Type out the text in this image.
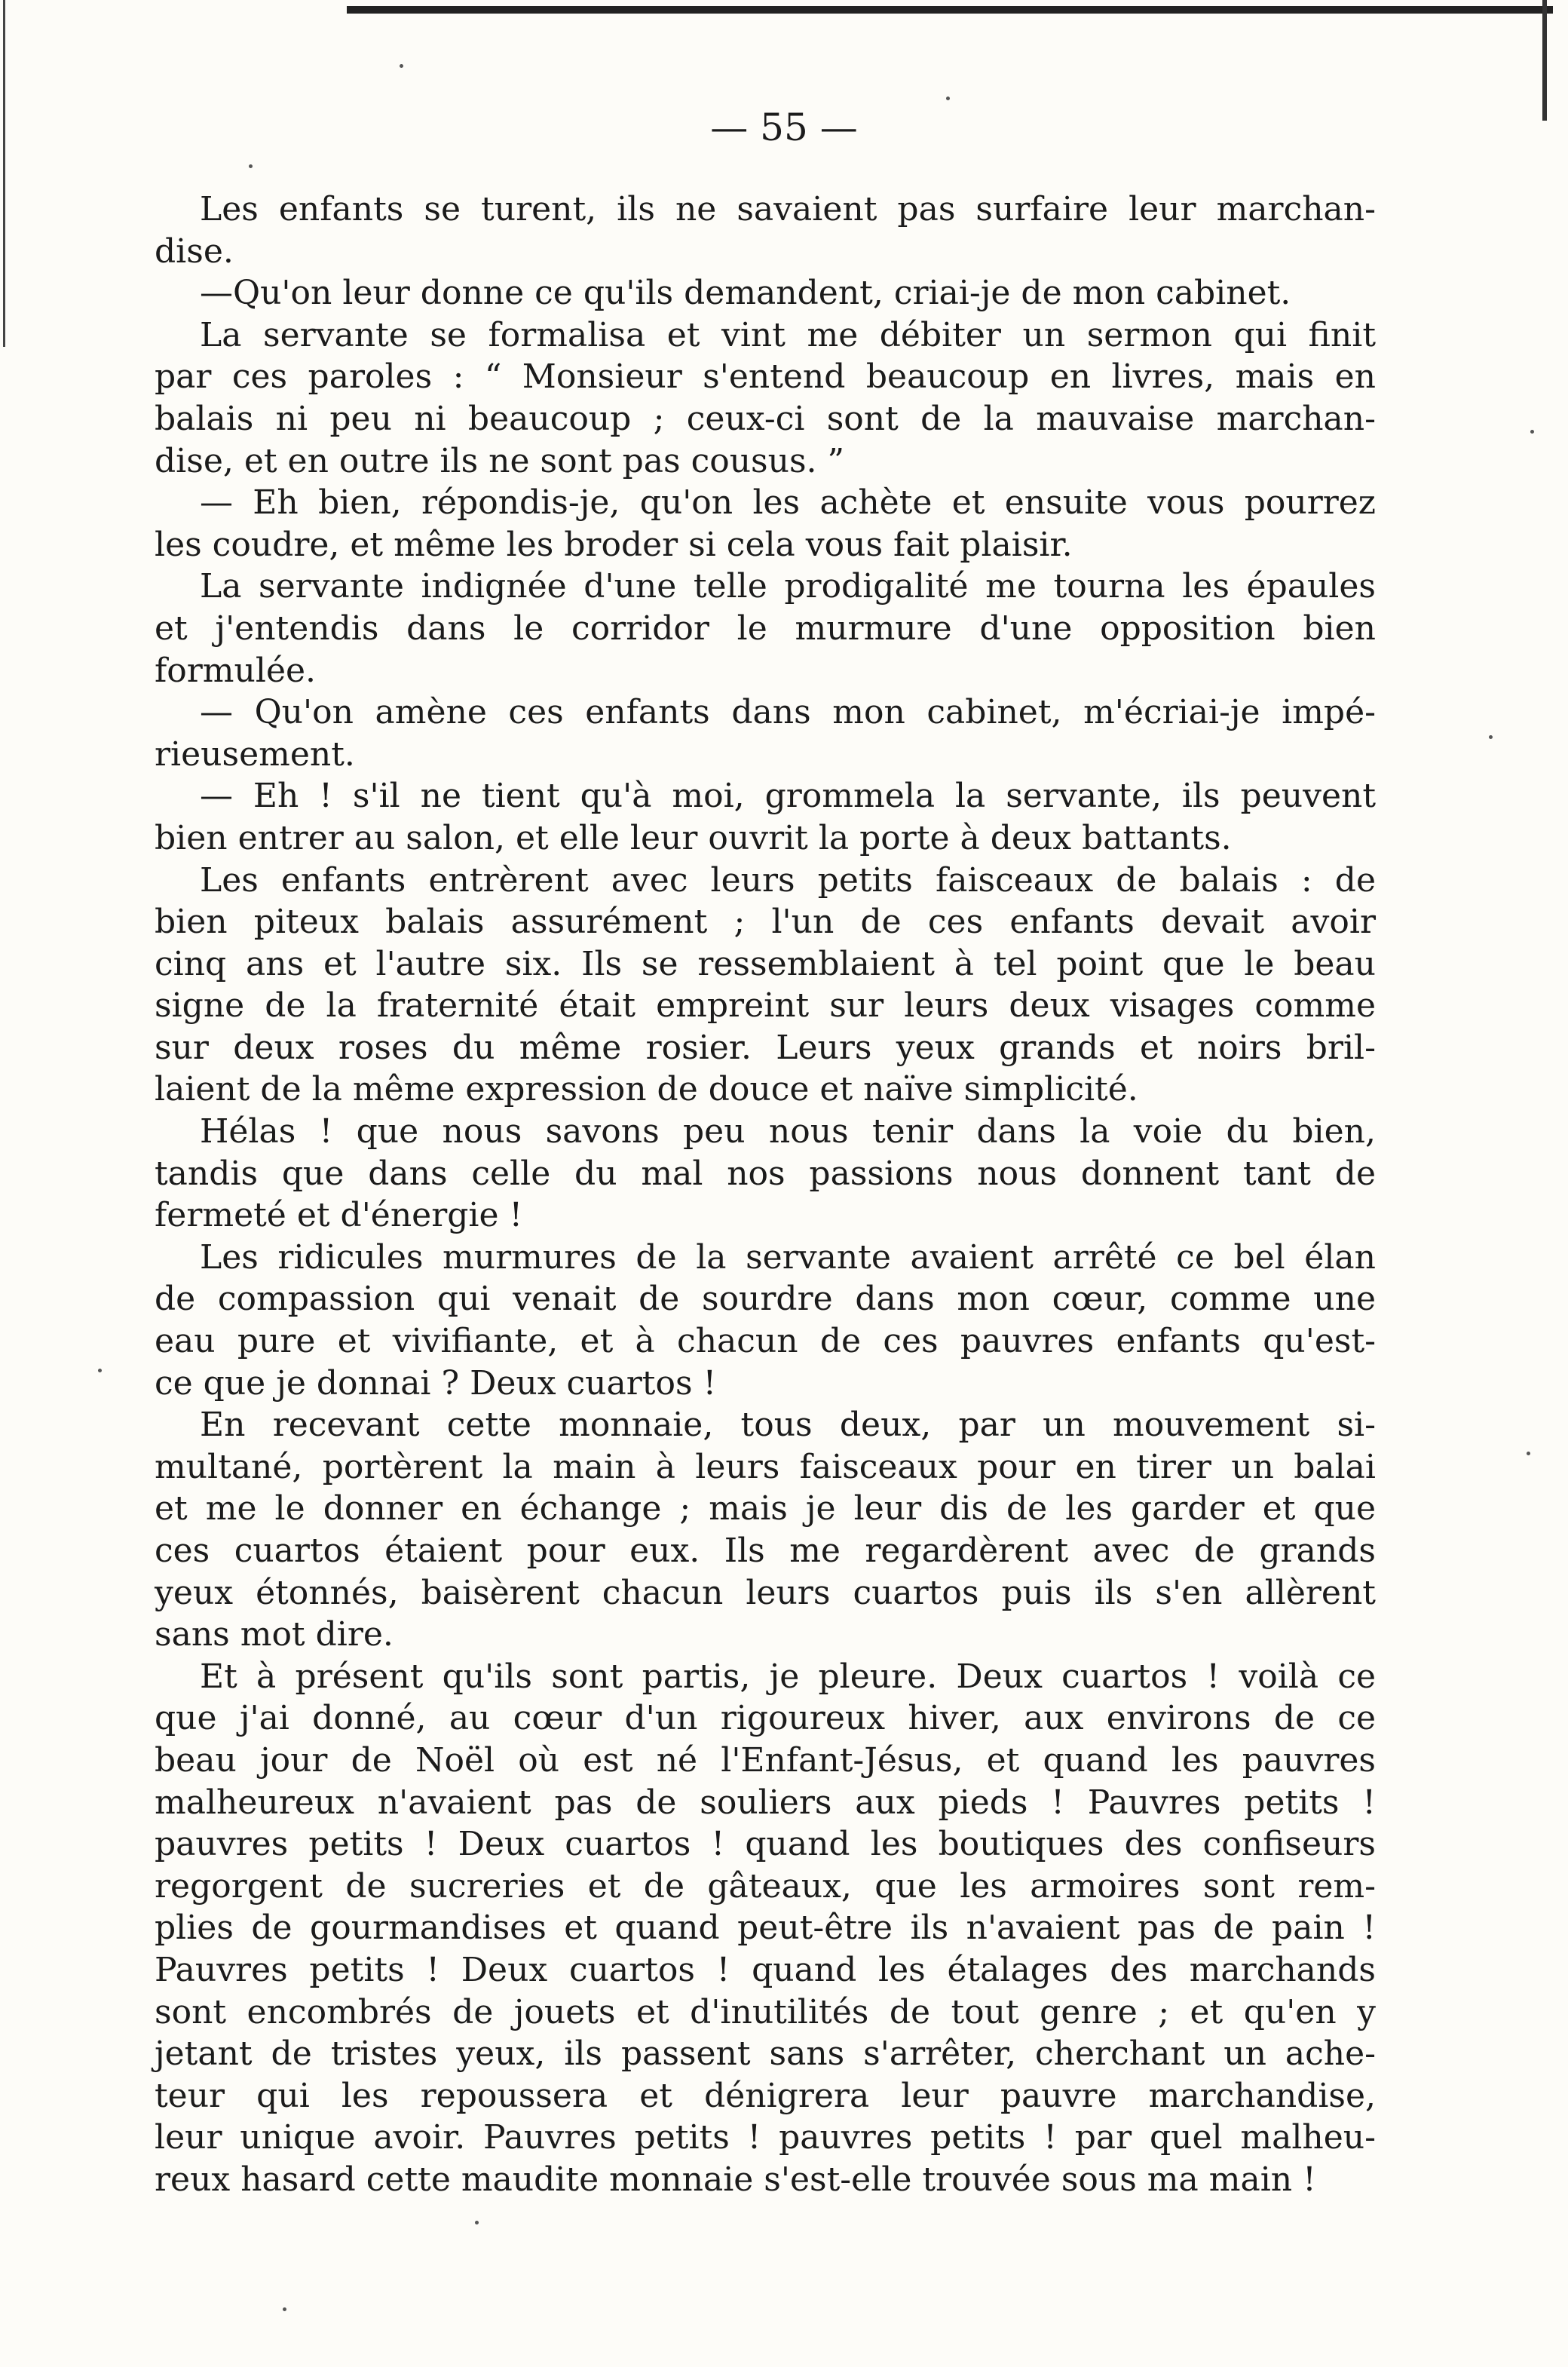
— 55 —
Les enfants se turent, ils ne savaient pas surfaire leur marchan-
dise.
—Qu'on leur donne ce qu'ils demandent, criai-je de mon cabinet.
La servante se formalisa et vint me débiter un sermon qui finit
par ces paroles : “ Monsieur s'entend beaucoup en livres, mais en
balais ni peu ni beaucoup ; ceux-ci sont de la mauvaise marchan-
dise, et en outre ils ne sont pas cousus. ”
— Eh bien, répondis-je, qu'on les achète et ensuite vous pourrez
les coudre, et même les broder si cela vous fait plaisir.
La servante indignée d'une telle prodigalité me tourna les épaules
et j'entendis dans le corridor le murmure d'une opposition bien
formulée.
— Qu'on amène ces enfants dans mon cabinet, m'écriai-je impé-
rieusement.
— Eh ! s'il ne tient qu'à moi, grommela la servante, ils peuvent
bien entrer au salon, et elle leur ouvrit la porte à deux battants.
Les enfants entrèrent avec leurs petits faisceaux de balais : de
bien piteux balais assurément ; l'un de ces enfants devait avoir
cinq ans et l'autre six. Ils se ressemblaient à tel point que le beau
signe de la fraternité était empreint sur leurs deux visages comme
sur deux roses du même rosier. Leurs yeux grands et noirs bril-
laient de la même expression de douce et naïve simplicité.
Hélas ! que nous savons peu nous tenir dans la voie du bien,
tandis que dans celle du mal nos passions nous donnent tant de
fermeté et d'énergie !
Les ridicules murmures de la servante avaient arrêté ce bel élan
de compassion qui venait de sourdre dans mon cœur, comme une
eau pure et vivifiante, et à chacun de ces pauvres enfants qu'est-
ce que je donnai ? Deux cuartos !
En recevant cette monnaie, tous deux, par un mouvement si-
multané, portèrent la main à leurs faisceaux pour en tirer un balai
et me le donner en échange ; mais je leur dis de les garder et que
ces cuartos étaient pour eux. Ils me regardèrent avec de grands
yeux étonnés, baisèrent chacun leurs cuartos puis ils s'en allèrent
sans mot dire.
Et à présent qu'ils sont partis, je pleure. Deux cuartos ! voilà ce
que j'ai donné, au cœur d'un rigoureux hiver, aux environs de ce
beau jour de Noël où est né l'Enfant-Jésus, et quand les pauvres
malheureux n'avaient pas de souliers aux pieds ! Pauvres petits !
pauvres petits ! Deux cuartos ! quand les boutiques des confiseurs
regorgent de sucreries et de gâteaux, que les armoires sont rem-
plies de gourmandises et quand peut-être ils n'avaient pas de pain !
Pauvres petits ! Deux cuartos ! quand les étalages des marchands
sont encombrés de jouets et d'inutilités de tout genre ; et qu'en y
jetant de tristes yeux, ils passent sans s'arrêter, cherchant un ache-
teur qui les repoussera et dénigrera leur pauvre marchandise,
leur unique avoir. Pauvres petits ! pauvres petits ! par quel malheu-
reux hasard cette maudite monnaie s'est-elle trouvée sous ma main !
